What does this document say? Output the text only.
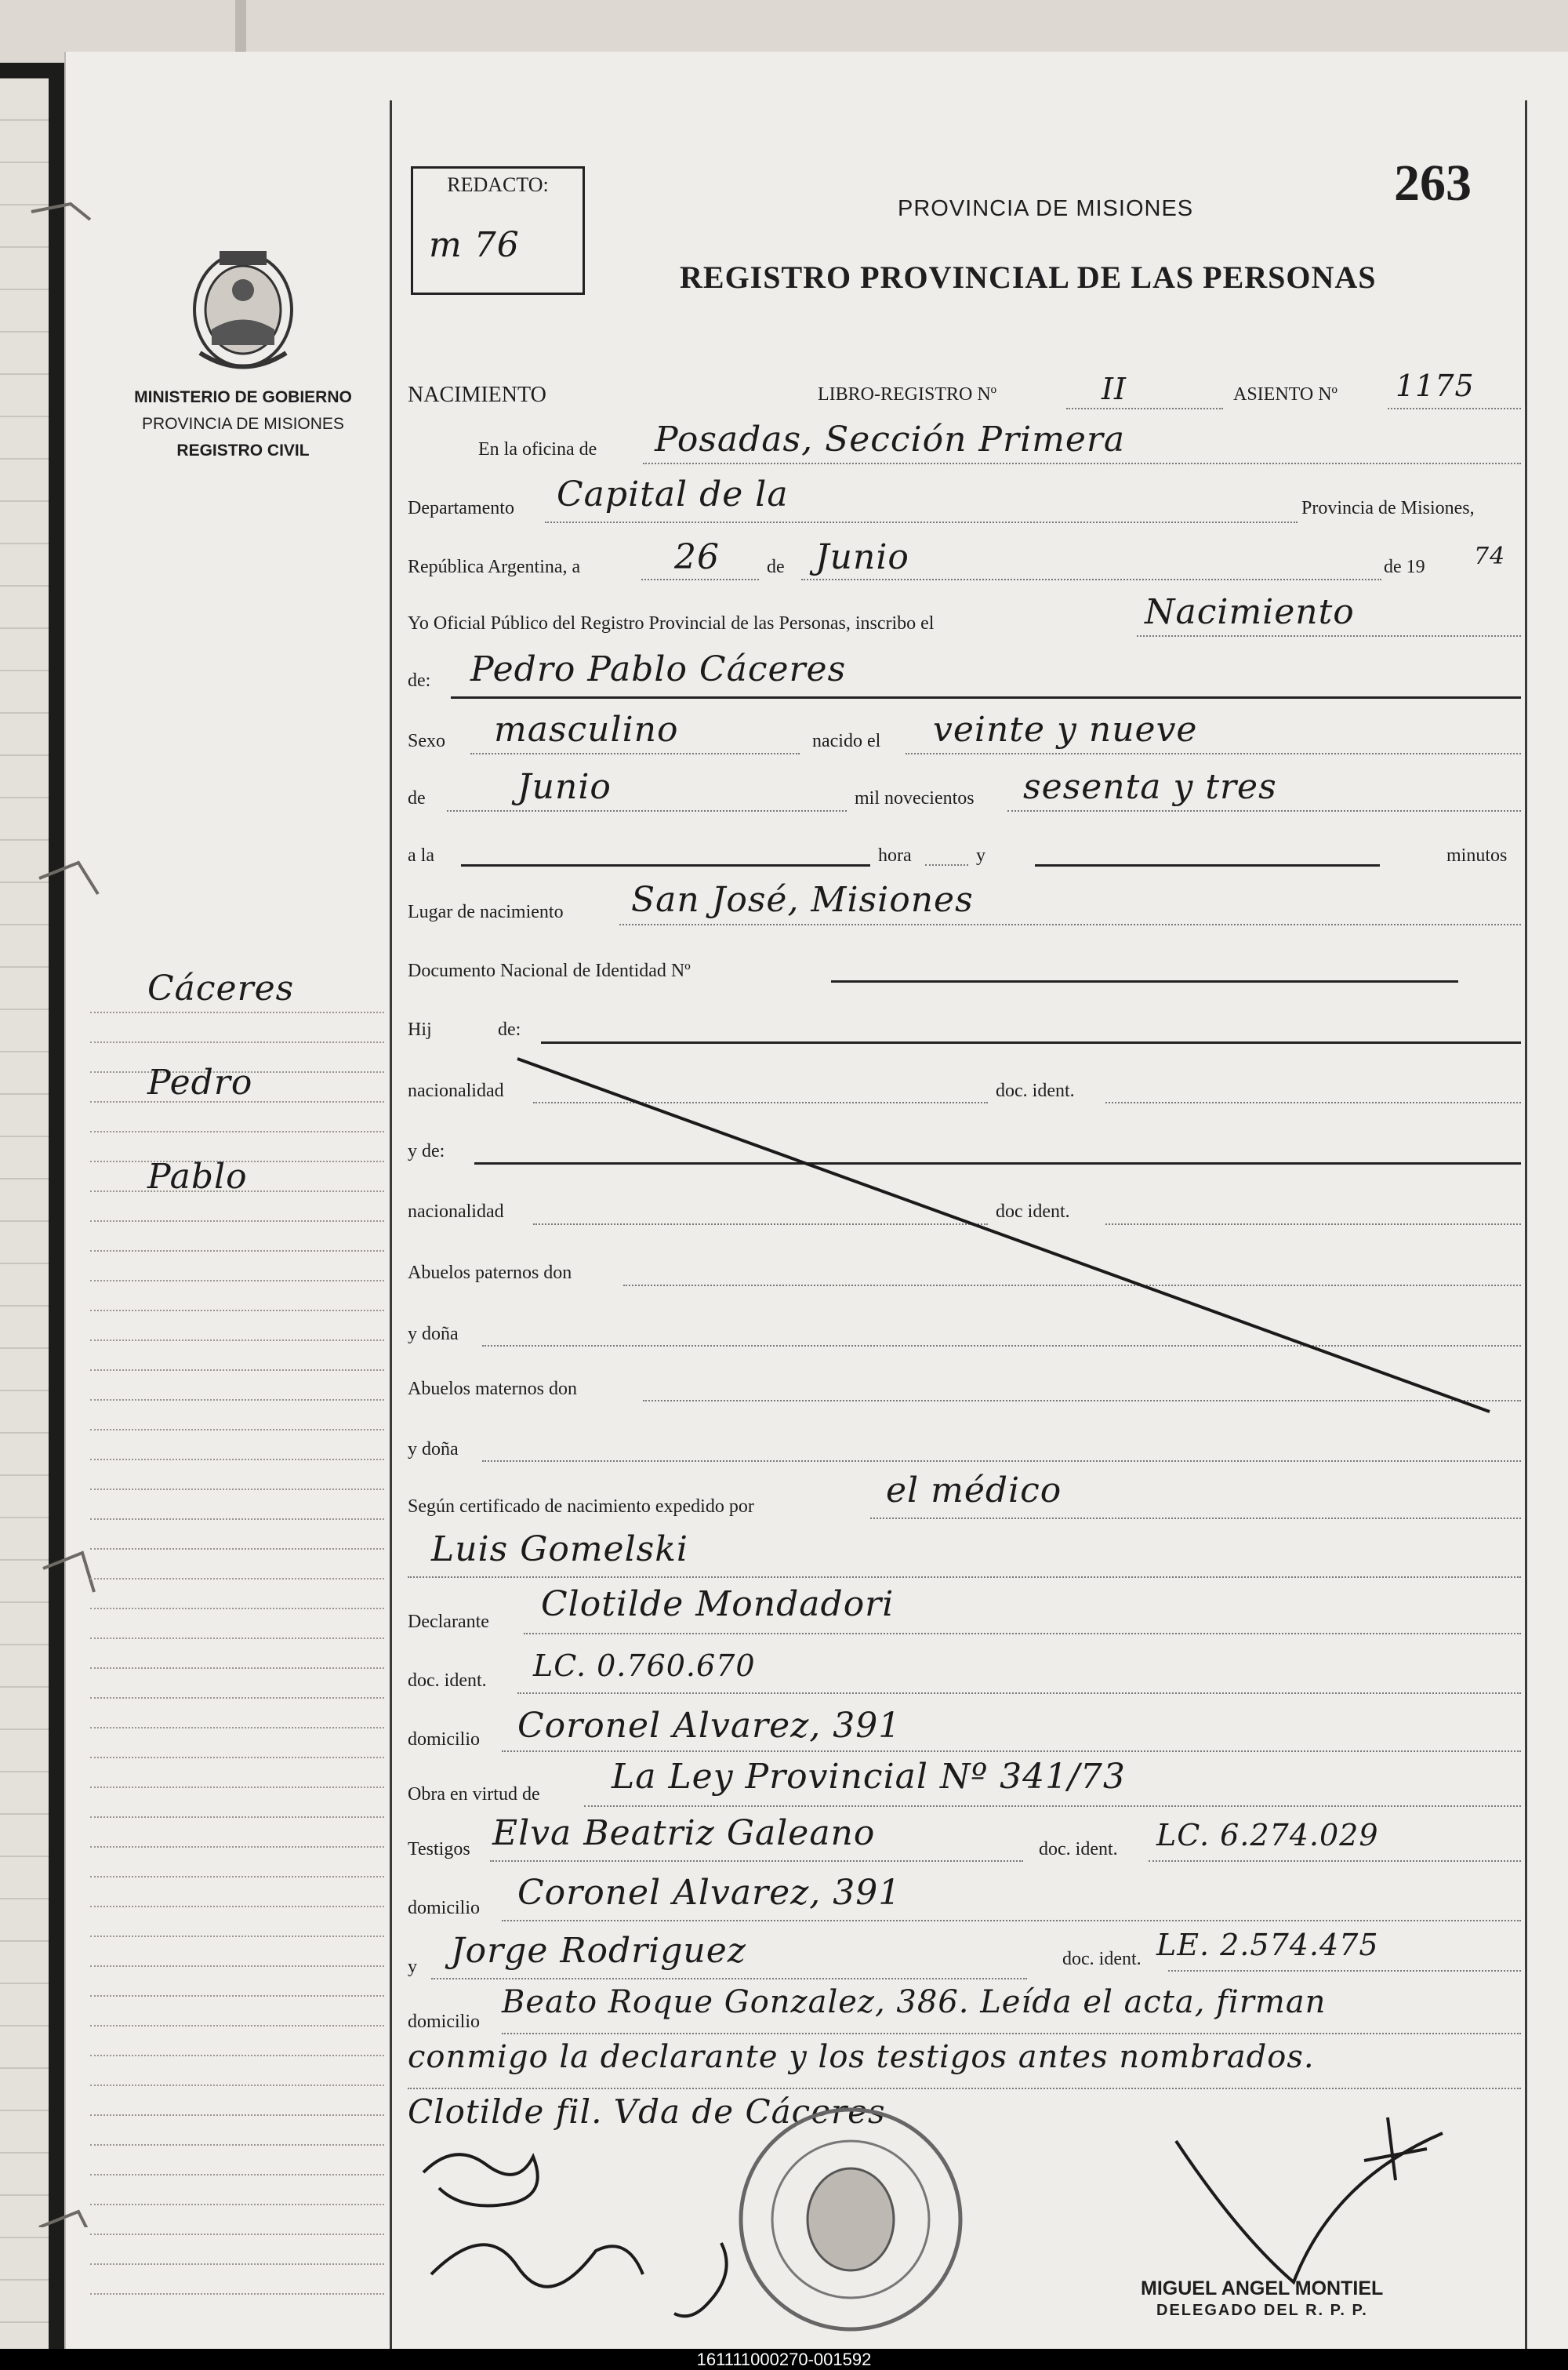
MINISTERIO DE GOBIERNO
PROVINCIA DE MISIONES
REGISTRO CIVIL
Cáceres
Pedro
Pablo
REDACTO:
m 76
263
PROVINCIA DE MISIONES
REGISTRO PROVINCIAL DE LAS PERSONAS
NACIMIENTO	LIBRO-REGISTRO Nº	II	ASIENTO Nº 1175
En la oficina de Posadas, Sección Primera
Departamento Capital de la	Provincia de Misiones,
República Argentina, a	26	de Junio	de 19 74
Yo Oficial Público del Registro Provincial de las Personas, inscribo el	Nacimiento
de: Pedro Pablo Cáceres
Sexo masculino	nacido el veinte y nueve
de	Junio	mil novecientos sesenta y tres
a la	hora	y	minutos
Lugar de nacimiento San José, Misiones
Documento Nacional de Identidad Nº
Hij	de:
nacionalidad	doc. ident.
y de:
nacionalidad	doc ident.
Abuelos paternos don
y doña
Abuelos maternos don
y doña
Según certificado de nacimiento expedido por	el médico
Luis Gomelski
Declarante Clotilde Mondadori
doc. ident. LC. 0.760.670
domicilio Coronel Alvarez, 391
Obra en virtud de La Ley Provincial Nº 341/73
Testigos Elva Beatriz Galeano	doc. ident. LC. 6.274.029
domicilio Coronel Alvarez, 391
y Jorge Rodriguez	doc. ident. LE. 2.574.475
domicilio
Beato Roque Gonzalez, 386. Leída el acta, firman
conmigo la declarante y los testigos antes nombrados.
Clotilde fil. Vda de Cáceres
MIGUEL ANGEL MONTIEL
DELEGADO DEL R. P. P.
161111000270-001592
